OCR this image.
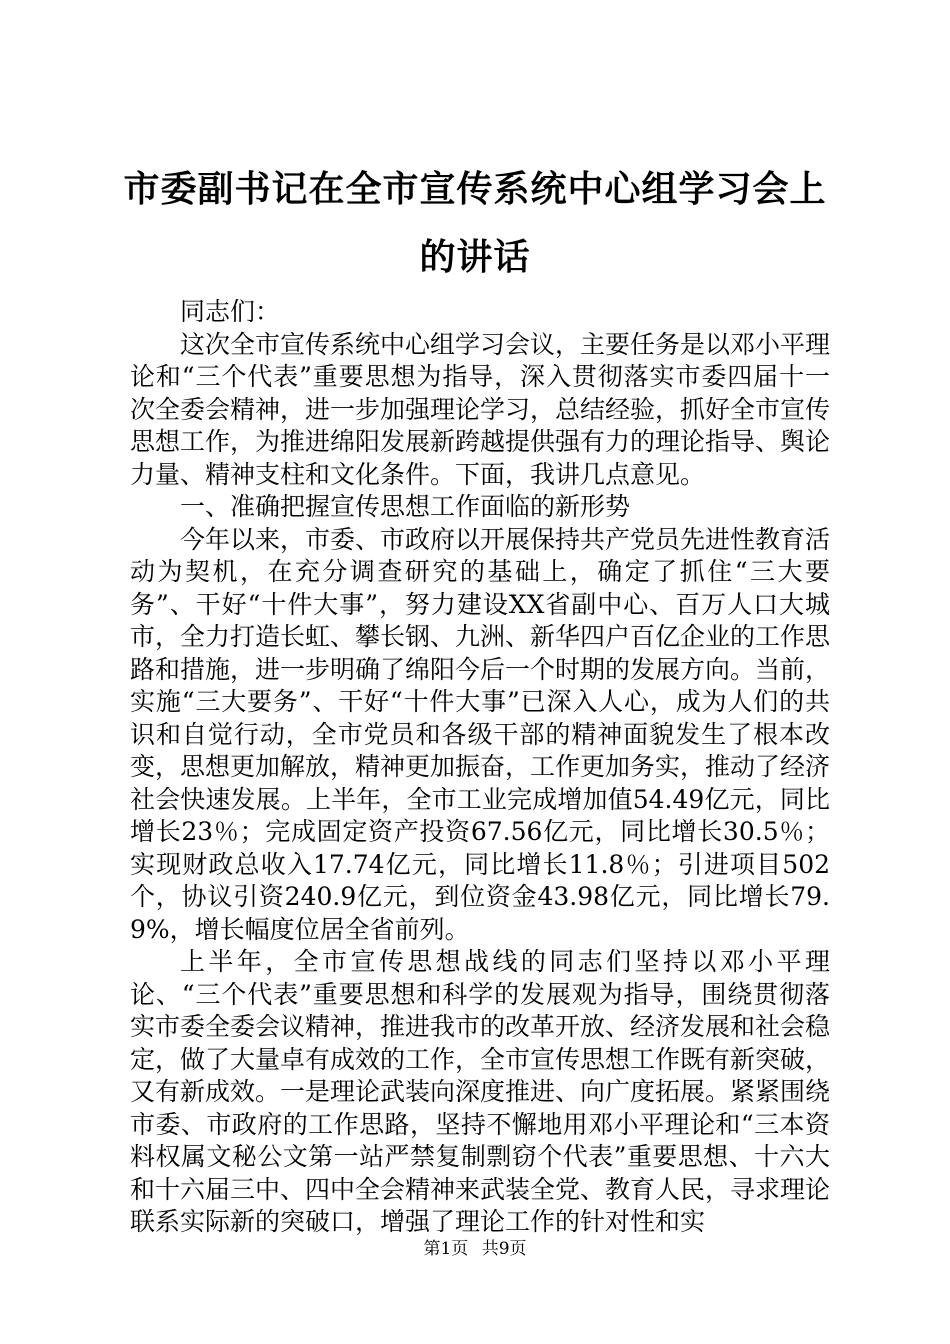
市委副书记在全市宣传系统中心组学习会上的讲话

同志们：

这次全市宣传系统中心组学习会议，主要任务是以邓小平理论和“三个代表”重要思想为指导，深入贯彻落实市委四届十一次全委会精神，进一步加强理论学习，总结经验，抓好全市宣传思想工作，为推进绵阳发展新跨越提供强有力的理论指导、舆论力量、精神支柱和文化条件。下面，我讲几点意见。

一、准确把握宣传思想工作面临的新形势

今年以来，市委、市政府以开展保持共产党员先进性教育活动为契机，在充分调查研究的基础上，确定了抓住“三大要务”、干好“十件大事”，努力建设XX省副中心、百万人口大城市，全力打造长虹、攀长钢、九洲、新华四户百亿企业的工作思路和措施，进一步明确了绵阳今后一个时期的发展方向。当前，实施“三大要务”、干好“十件大事”已深入人心，成为人们的共识和自觉行动，全市党员和各级干部的精神面貌发生了根本改变，思想更加解放，精神更加振奋，工作更加务实，推动了经济社会快速发展。上半年，全市工业完成增加值54.49亿元，同比增长23％；完成固定资产投资67.56亿元，同比增长30.5％；实现财政总收入17.74亿元，同比增长11.8％；引进项目502个，协议引资240.9亿元，到位资金43.98亿元，同比增长79.9%，增长幅度位居全省前列。

上半年，全市宣传思想战线的同志们坚持以邓小平理论、“三个代表”重要思想和科学的发展观为指导，围绕贯彻落实市委全委会议精神，推进我市的改革开放、经济发展和社会稳定，做了大量卓有成效的工作，全市宣传思想工作既有新突破，又有新成效。一是理论武装向深度推进、向广度拓展。紧紧围绕市委、市政府的工作思路，坚持不懈地用邓小平理论和“三本资料权属文秘公文第一站严禁复制剽窃个代表”重要思想、十六大和十六届三中、四中全会精神来武装全党、教育人民，寻求理论联系实际新的突破口，增强了理论工作的针对性和实

第1页 共9页
